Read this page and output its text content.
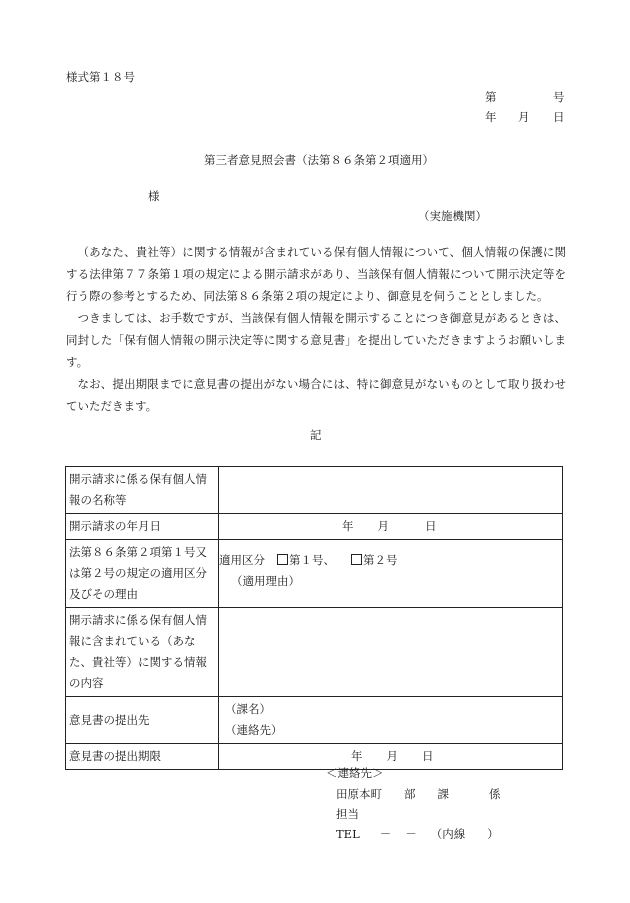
様式第１８号
第	号
年 月 日
第三者意見照会書（法第８６条第２項適用）
様
（実施機関）
（あなた、貴社等）に関する情報が含まれている保有個人情報について、個人情報の保護に関する法律第７７条第１項の規定による開示請求があり、当該保有個人情報について開示決定等を行う際の参考とするため、同法第８６条第２項の規定により、御意見を伺うこととしました。
つきましては、お手数ですが、当該保有個人情報を開示することにつき御意見があるときは、同封した「保有個人情報の開示決定等に関する意見書」を提出していただきますようお願いします。
なお、提出期限までに意見書の提出がない場合には、特に御意見がないものとして取り扱わせていただきます。
記
開示請求に係る保有個人情報の名称等	
開示請求の年月日	年 月 日
法第８６条第２項第１号又は第２号の規定の適用区分及びその理由	適用区分 第１号、 第２号
（適用理由）

開示請求に係る保有個人情報に含まれている（あなた、貴社等）に関する情報の内容	
意見書の提出先	（課名）
（連絡先）

意見書の提出期限	年 月 日
＜連絡先＞
田原本町 部 課	係
担当
TEL － － （内線 ）
